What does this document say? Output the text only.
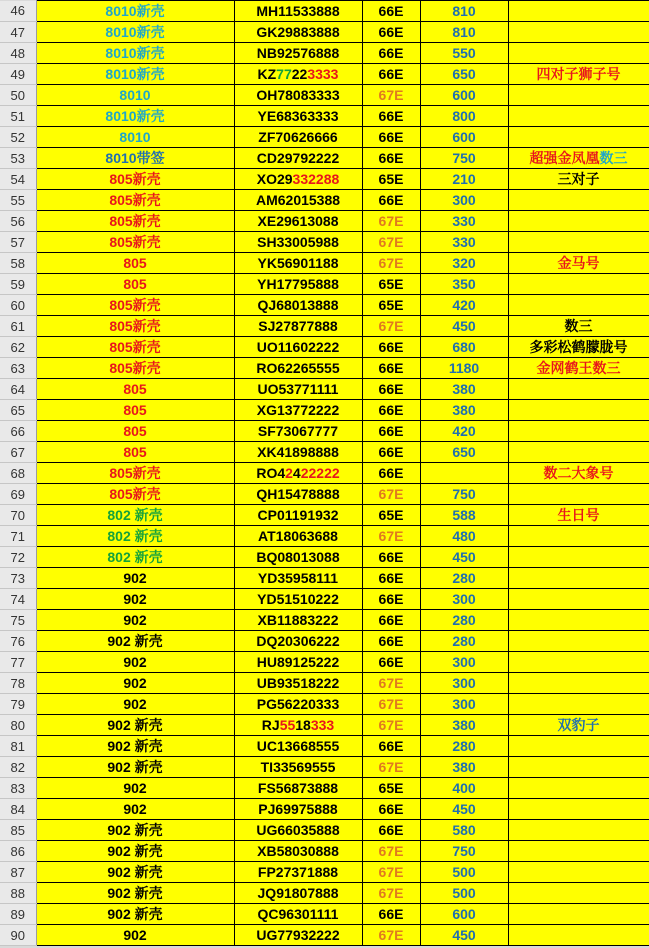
46	8010新壳	MH11533888	66E	810	
47	8010新壳	GK29883888	66E	810	
48	8010新壳	NB92576888	66E	550	
49	8010新壳	KZ77223333	66E	650	四对子狮子号
50	8010	OH78083333	67E	600	
51	8010新壳	YE68363333	66E	800	
52	8010	ZF70626666	66E	600	
53	8010带签	CD29792222	66E	750	超强金凤凰数三
54	805新壳	XO29332288	65E	210	三对子
55	805新壳	AM62015388	66E	300	
56	805新壳	XE29613088	67E	330	
57	805新壳	SH33005988	67E	330	
58	805	YK56901188	67E	320	金马号
59	805	YH17795888	65E	350	
60	805新壳	QJ68013888	65E	420	
61	805新壳	SJ27877888	67E	450	数三
62	805新壳	UO11602222	66E	680	多彩松鹤朦胧号
63	805新壳	RO62265555	66E	1180	金网鹤王数三
64	805	UO53771111	66E	380	
65	805	XG13772222	66E	380	
66	805	SF73067777	66E	420	
67	805	XK41898888	66E	650	
68	805新壳	RO42422222	66E		数二大象号
69	805新壳	QH15478888	67E	750	
70	802 新壳	CP01191932	65E	588	生日号
71	802 新壳	AT18063688	67E	480	
72	802 新壳	BQ08013088	66E	450	
73	902	YD35958111	66E	280	
74	902	YD51510222	66E	300	
75	902	XB11883222	66E	280	
76	902 新壳	DQ20306222	66E	280	
77	902	HU89125222	66E	300	
78	902	UB93518222	67E	300	
79	902	PG56220333	67E	300	
80	902 新壳	RJ5518333	67E	380	双豹子
81	902 新壳	UC13668555	66E	280	
82	902 新壳	TI33569555	67E	380	
83	902	FS56873888	65E	400	
84	902	PJ69975888	66E	450	
85	902 新壳	UG66035888	66E	580	
86	902 新壳	XB58030888	67E	750	
87	902 新壳	FP27371888	67E	500	
88	902 新壳	JQ91807888	67E	500	
89	902 新壳	QC96301111	66E	600	
90	902	UG77932222	67E	450	
